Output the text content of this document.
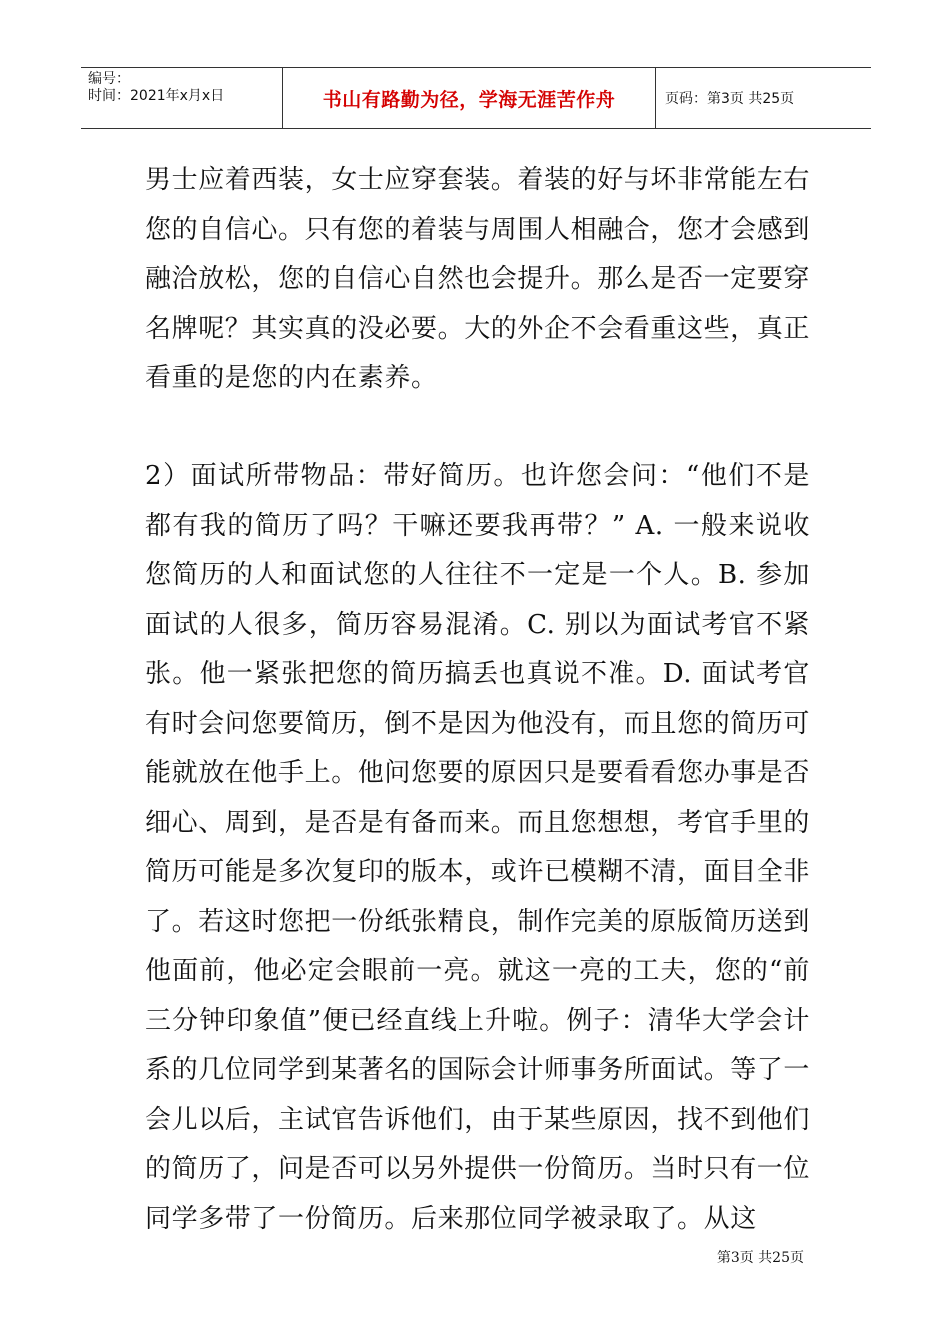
编号：
时间：2021年x月x日	书山有路勤为径，学海无涯苦作舟	页码：第3页 共25页
男士应着西装，女士应穿套装。着装的好与坏非常能左右您的自信心。只有您的着装与周围人相融合，您才会感到融洽放松，您的自信心自然也会提升。那么是否一定要穿名牌呢？其实真的没必要。大的外企不会看重这些，真正看重的是您的内在素养。
2）面试所带物品：带好简历。也许您会问：“他们不是都有我的简历了吗？干嘛还要我再带？” A. 一般来说收您简历的人和面试您的人往往不一定是一个人。B. 参加面试的人很多，简历容易混淆。C. 别以为面试考官不紧张。他一紧张把您的简历搞丢也真说不准。D. 面试考官有时会问您要简历，倒不是因为他没有，而且您的简历可能就放在他手上。他问您要的原因只是要看看您办事是否细心、周到，是否是有备而来。而且您想想，考官手里的简历可能是多次复印的版本，或许已模糊不清，面目全非了。若这时您把一份纸张精良，制作完美的原版简历送到他面前，他必定会眼前一亮。就这一亮的工夫，您的“前三分钟印象值”便已经直线上升啦。例子：清华大学会计系的几位同学到某著名的国际会计师事务所面试。等了一会儿以后，主试官告诉他们，由于某些原因，找不到他们的简历了，问是否可以另外提供一份简历。当时只有一位同学多带了一份简历。后来那位同学被录取了。从这
第3页 共25页
